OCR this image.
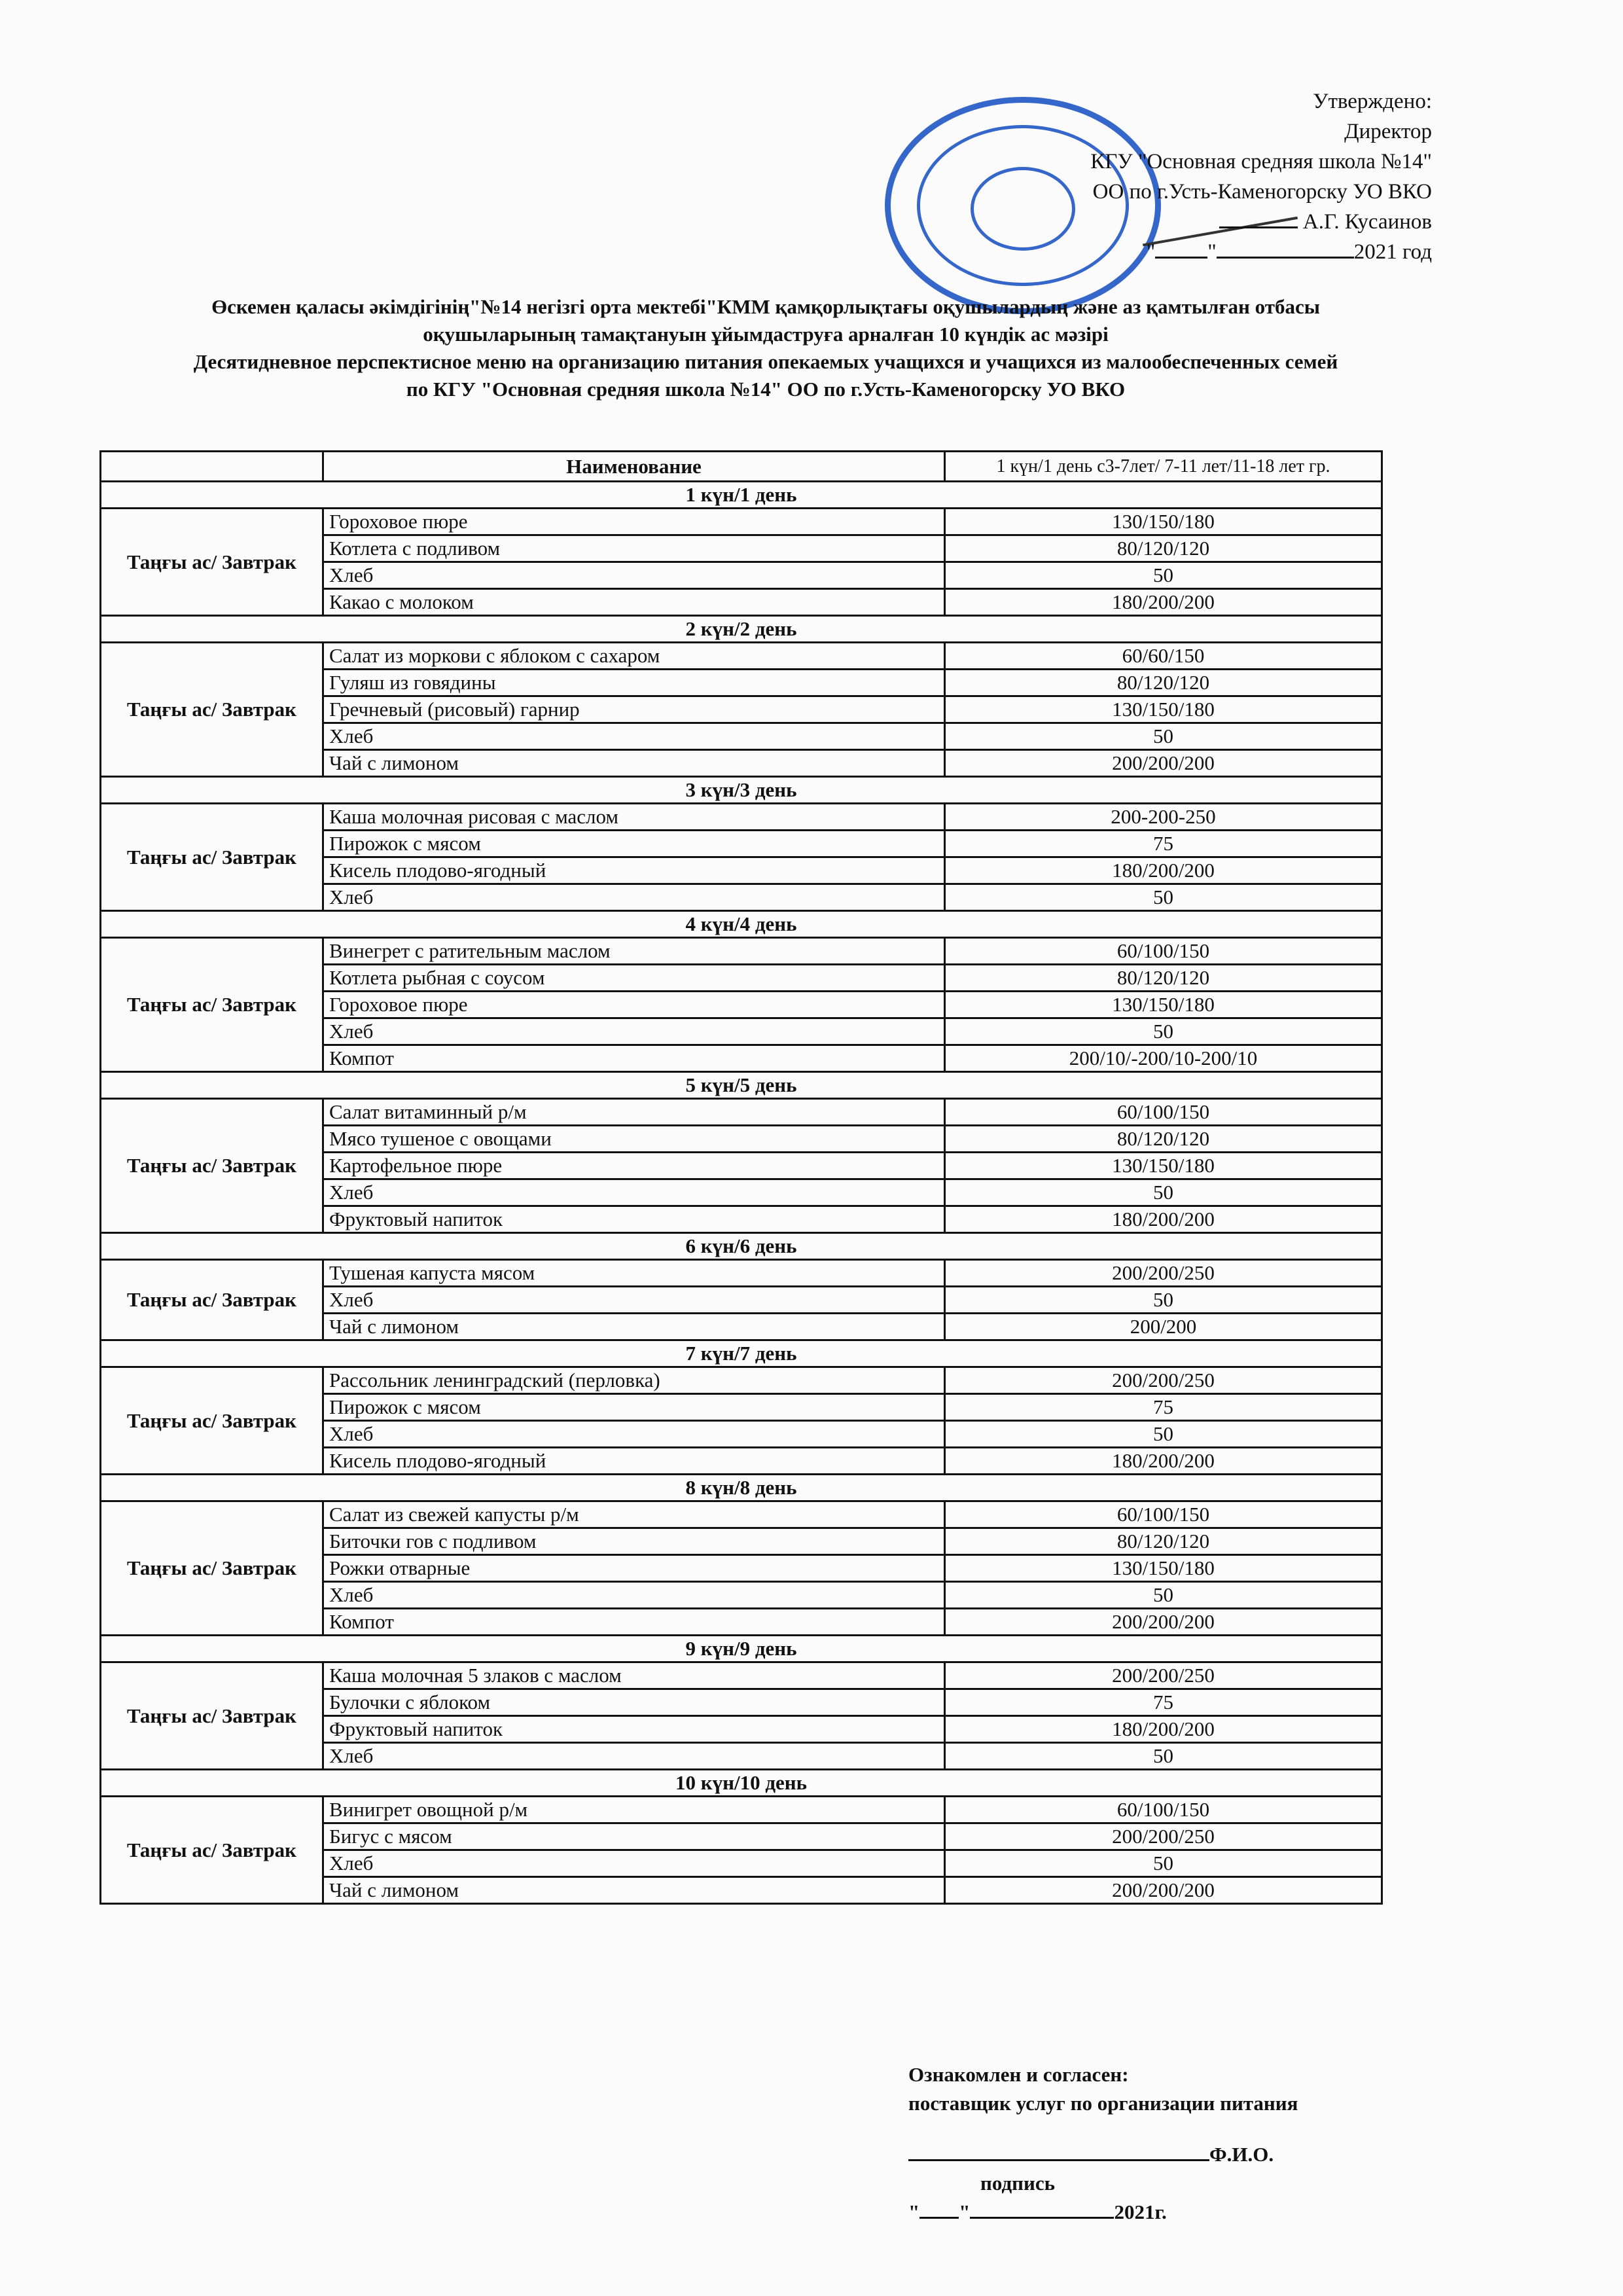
Утверждено:
Директор
КГУ "Основная средняя школа №14"
ОО по г.Усть-Каменогорску УО ВКО
А.Г. Кусаинов
" "	2021 год
Өскемен қаласы әкімдігінің"№14 негізгі орта мектебі"КММ қамқорлықтағы оқушылардың және аз қамтылған отбасы
оқушыларының тамақтануын ұйымдаструға арналған 10 күндік ас мәзірі
Десятидневное перспектисное меню на организацию питания опекаемых учащихся и учащихся из малообеспеченных семей
по КГУ "Основная средняя школа №14" ОО по г.Усть-Каменогорску УО ВКО
	Наименование	1 күн/1 день с3-7лет/ 7-11 лет/11-18 лет гр.
1 күн/1 день		
Таңғы ас/ Завтрак	Гороховое пюре	130/150/180
	Котлета с подливом	80/120/120
	Хлеб	50
	Какао с молоком	180/200/200
2 күн/2 день		
Таңғы ас/ Завтрак	Салат из моркови с яблоком с сахаром	60/60/150
	Гуляш из говядины	80/120/120
	Гречневый (рисовый) гарнир	130/150/180
	Хлеб	50
	Чай с лимоном	200/200/200
3 күн/3 день		
Таңғы ас/ Завтрак	Каша молочная рисовая с маслом	200-200-250
	Пирожок с мясом	75
	Кисель плодово-ягодный	180/200/200
	Хлеб	50
4 күн/4 день		
Таңғы ас/ Завтрак	Винегрет с ратительным маслом	60/100/150
	Котлета рыбная с соусом	80/120/120
	Гороховое пюре	130/150/180
	Хлеб	50
	Компот	200/10/-200/10-200/10
5 күн/5 день		
Таңғы ас/ Завтрак	Салат витаминный р/м	60/100/150
	Мясо тушеное с овощами	80/120/120
	Картофельное пюре	130/150/180
	Хлеб	50
	Фруктовый напиток	180/200/200
6 күн/6 день		
Таңғы ас/ Завтрак	Тушеная капуста мясом	200/200/250
	Хлеб	50
	Чай с лимоном	200/200
7 күн/7 день		
Таңғы ас/ Завтрак	Рассольник ленинградский (перловка)	200/200/250
	Пирожок с мясом	75
	Хлеб	50
	Кисель плодово-ягодный	180/200/200
8 күн/8 день		
Таңғы ас/ Завтрак	Салат из свежей капусты р/м	60/100/150
	Биточки гов с подливом	80/120/120
	Рожки отварные	130/150/180
	Хлеб	50
	Компот	200/200/200
9 күн/9 день		
Таңғы ас/ Завтрак	Каша молочная 5 злаков с маслом	200/200/250
	Булочки с яблоком	75
	Фруктовый напиток	180/200/200
	Хлеб	50
10 күн/10 день		
Таңғы ас/ Завтрак	Винигрет овощной р/м	60/100/150
	Бигус с мясом	200/200/250
	Хлеб	50
	Чай с лимоном	200/200/200
Ознакомлен и согласен:
поставщик услуг по организации питания
Ф.И.О.
подпись
" "	2021г.
